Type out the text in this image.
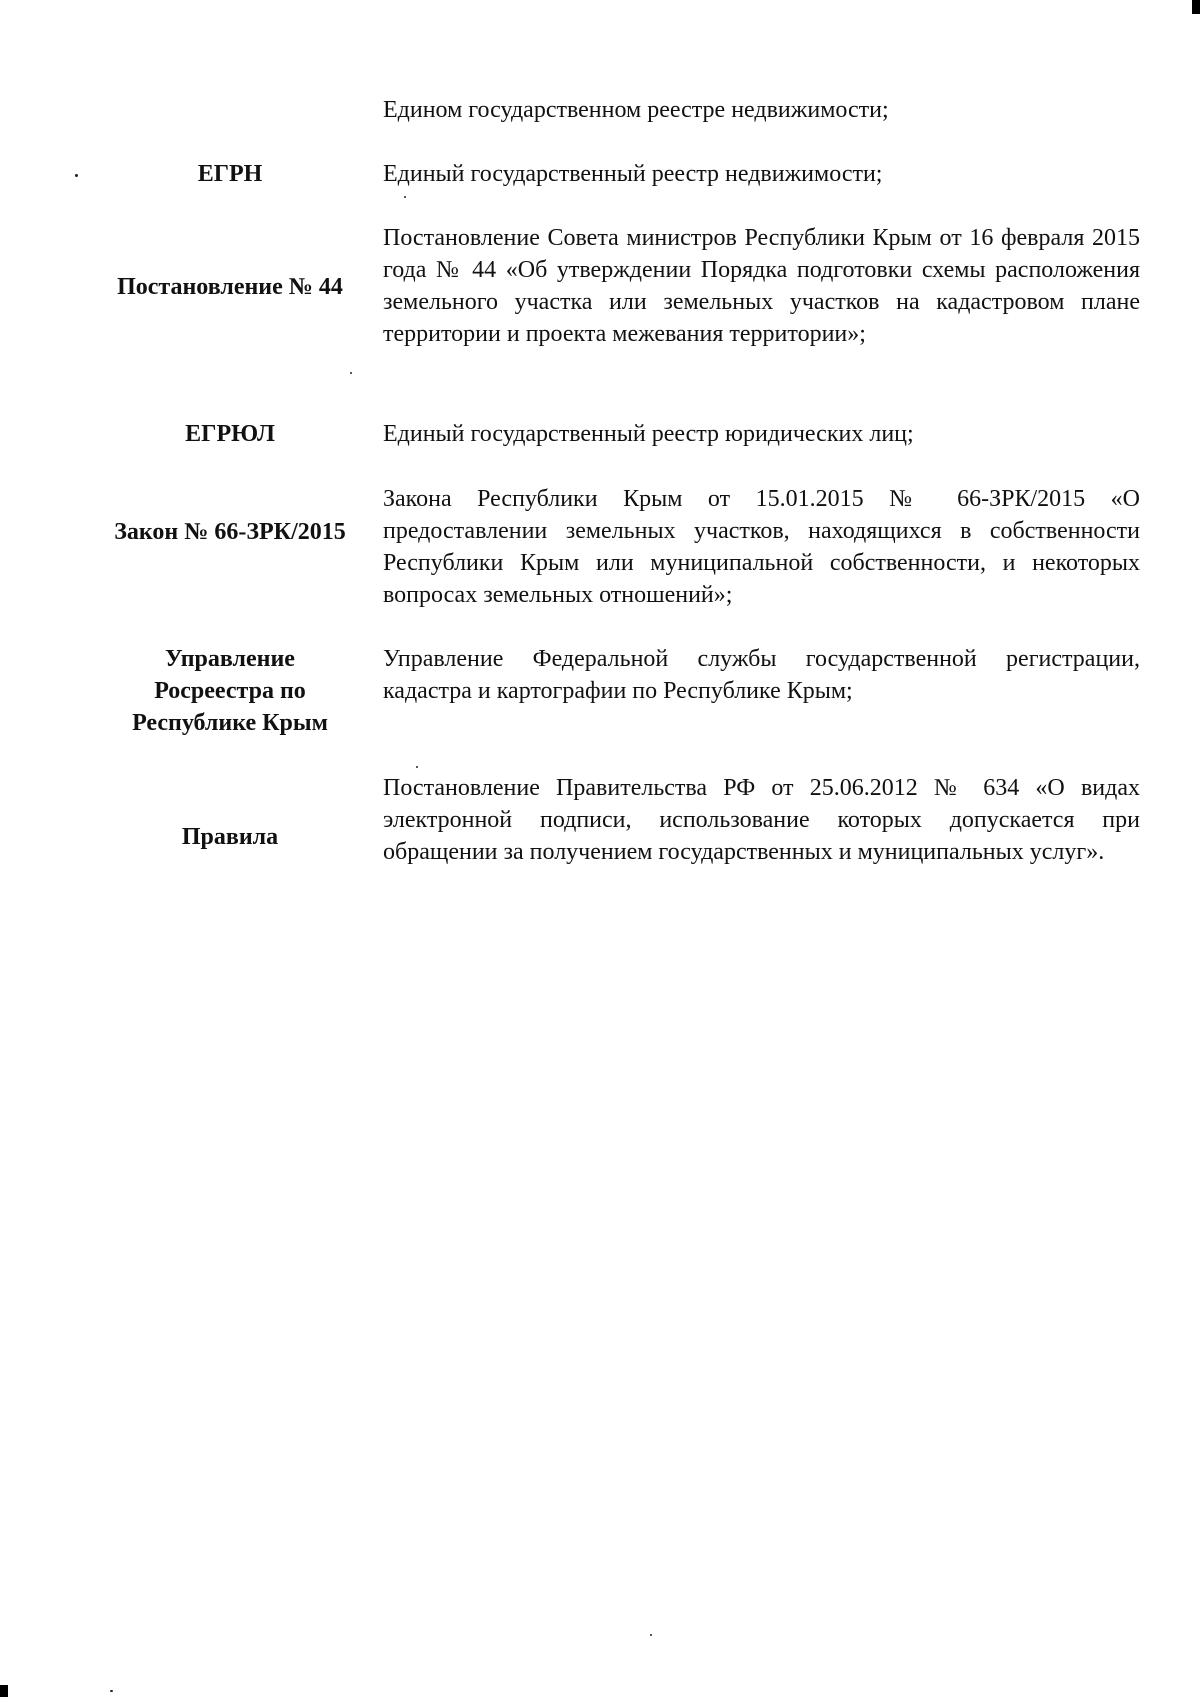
Едином государственном реестре недвижимости;
ЕГРН	Единый государственный реестр недвижимости;
Постановление № 44
Постановление Совета министров Республики Крым от 16 февраля 2015 года № 44 «Об утверждении Порядка подготовки схемы расположения земельного участка или земельных участков на кадастровом плане территории и проекта межевания территории»;
ЕГРЮЛ	Единый государственный реестр юридических лиц;
Закон № 66-ЗРК/2015
Закона Республики Крым от 15.01.2015 № 66-ЗРК/2015 «О предоставлении земельных участков, находящихся в собственности Республики Крым или муниципальной собственности, и некоторых вопросах земельных отношений»;
Управление Росреестра по Республике Крым
Управление Федеральной службы государственной регистрации, кадастра и картографии по Республике Крым;
Правила
Постановление Правительства РФ от 25.06.2012 № 634 «О видах электронной подписи, использование которых допускается при обращении за получением государственных и муниципальных услуг».
